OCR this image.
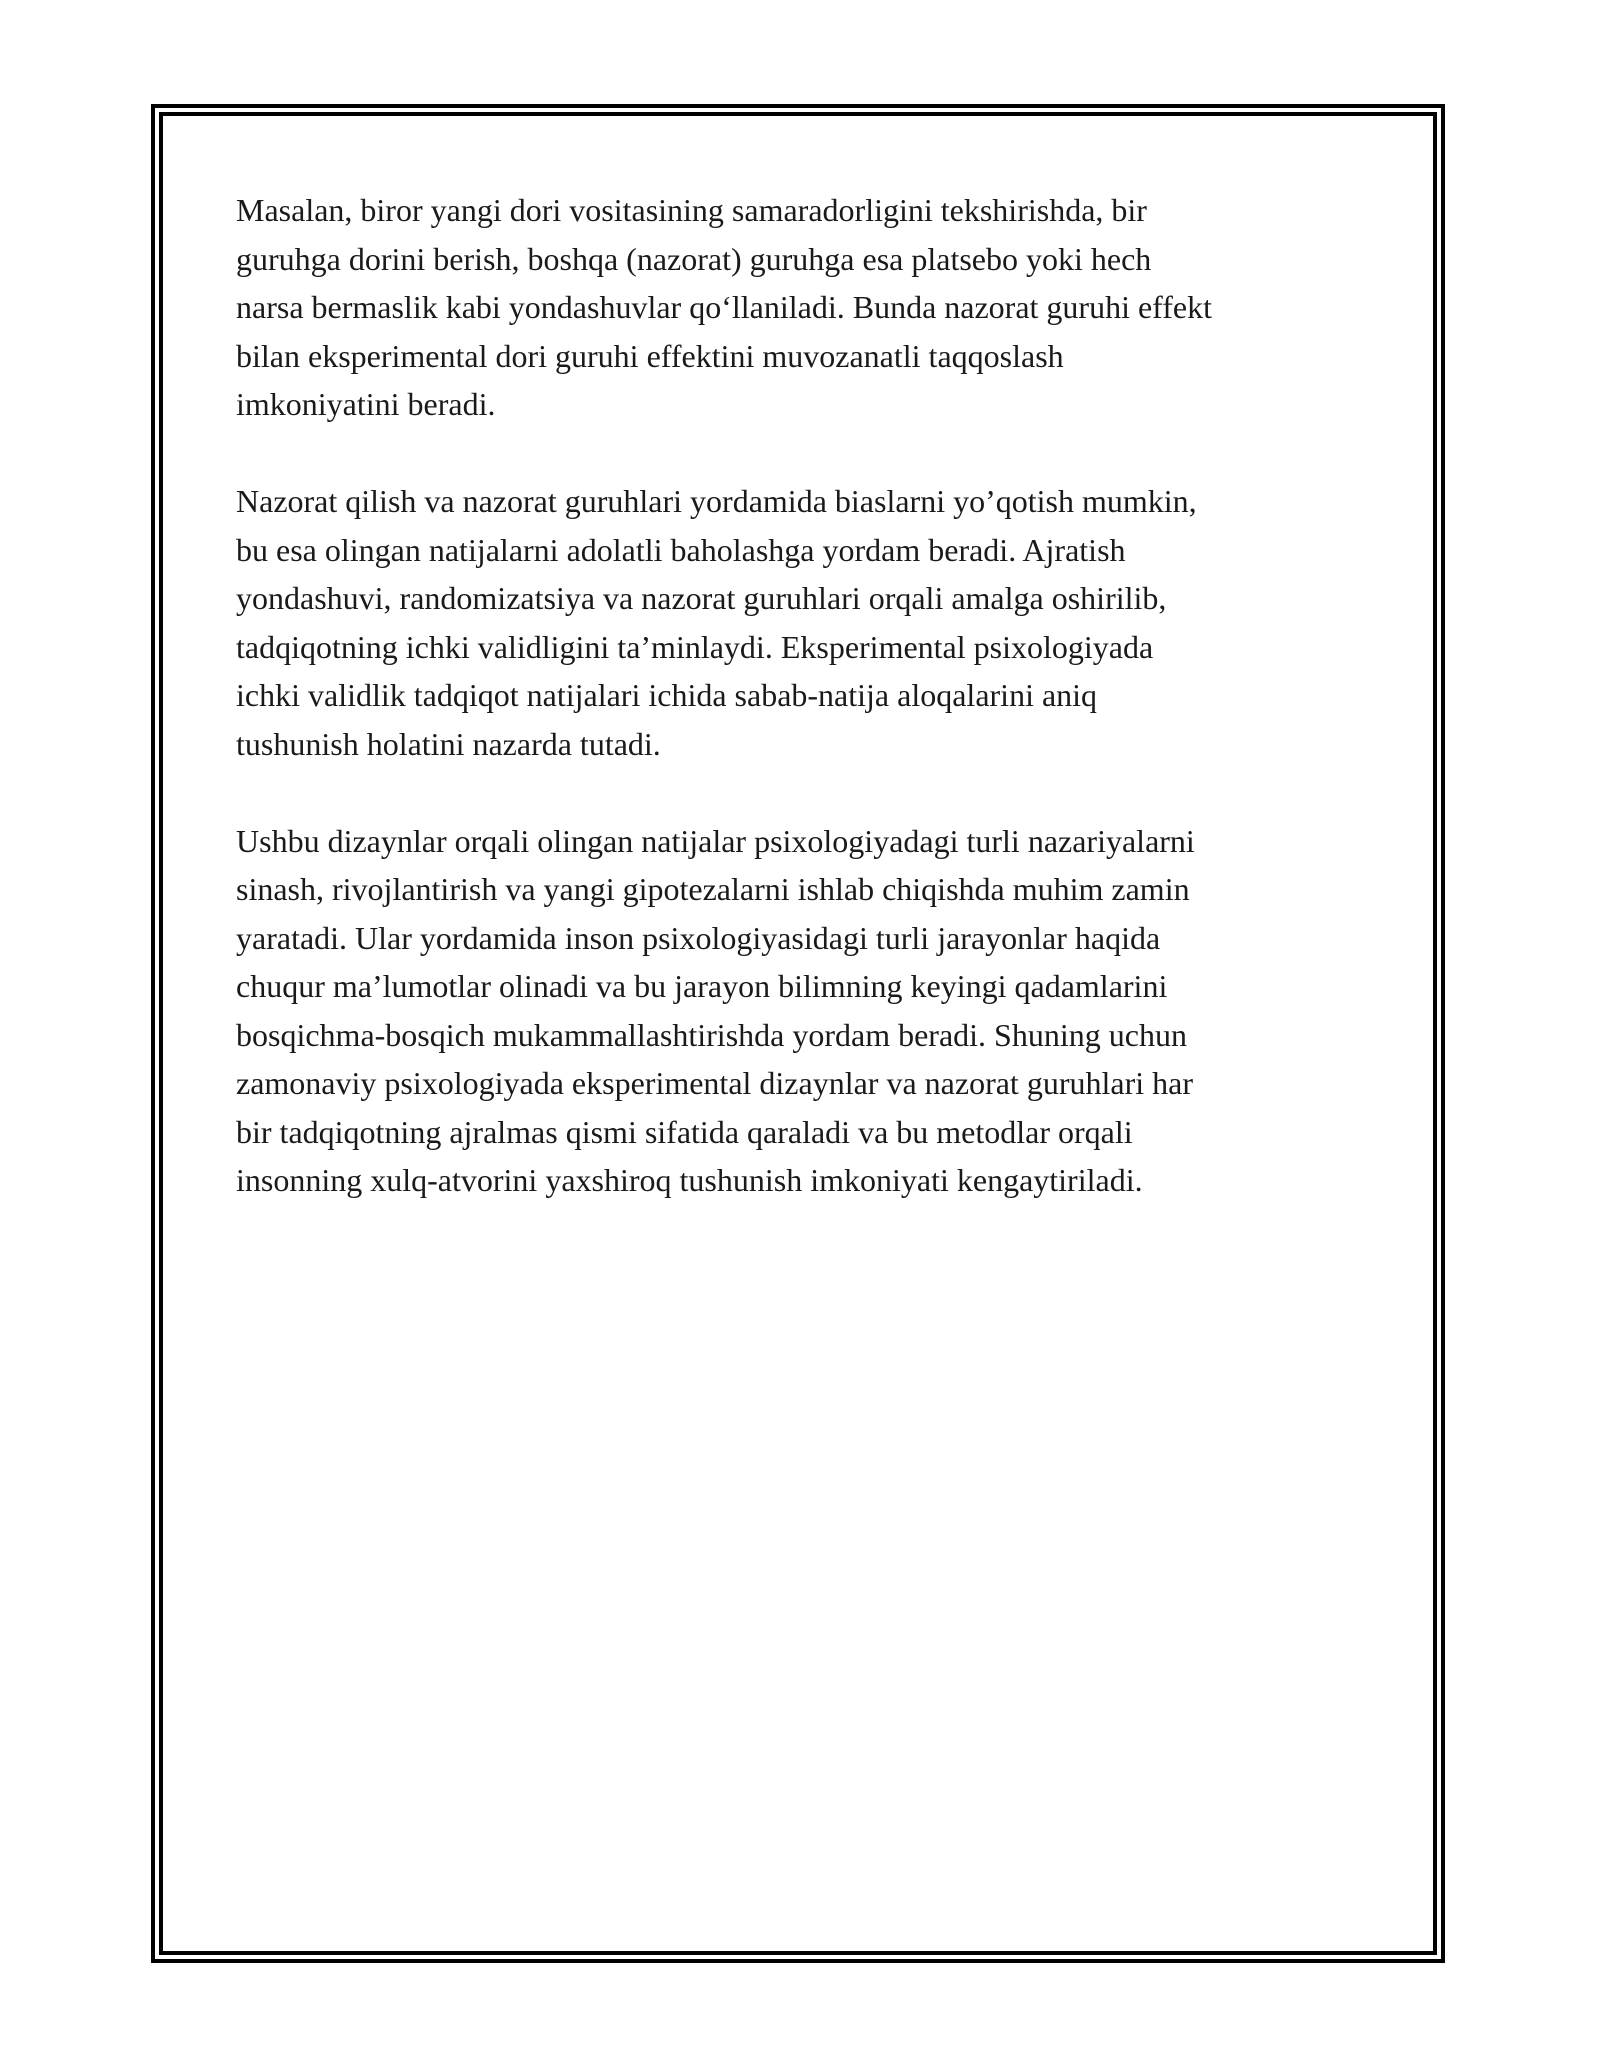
Masalan, biror yangi dori vositasining samaradorligini tekshirishda, bir
guruhga dorini berish, boshqa (nazorat) guruhga esa platsebo yoki hech
narsa bermaslik kabi yondashuvlar qo‘llaniladi. Bunda nazorat guruhi effekt
bilan eksperimental dori guruhi effektini muvozanatli taqqoslash
imkoniyatini beradi.

Nazorat qilish va nazorat guruhlari yordamida biaslarni yo’qotish mumkin,
bu esa olingan natijalarni adolatli baholashga yordam beradi. Ajratish
yondashuvi, randomizatsiya va nazorat guruhlari orqali amalga oshirilib,
tadqiqotning ichki validligini ta’minlaydi. Eksperimental psixologiyada
ichki validlik tadqiqot natijalari ichida sabab-natija aloqalarini aniq
tushunish holatini nazarda tutadi.

Ushbu dizaynlar orqali olingan natijalar psixologiyadagi turli nazariyalarni
sinash, rivojlantirish va yangi gipotezalarni ishlab chiqishda muhim zamin
yaratadi. Ular yordamida inson psixologiyasidagi turli jarayonlar haqida
chuqur ma’lumotlar olinadi va bu jarayon bilimning keyingi qadamlarini
bosqichma-bosqich mukammallashtirishda yordam beradi. Shuning uchun
zamonaviy psixologiyada eksperimental dizaynlar va nazorat guruhlari har
bir tadqiqotning ajralmas qismi sifatida qaraladi va bu metodlar orqali
insonning xulq-atvorini yaxshiroq tushunish imkoniyati kengaytiriladi.
